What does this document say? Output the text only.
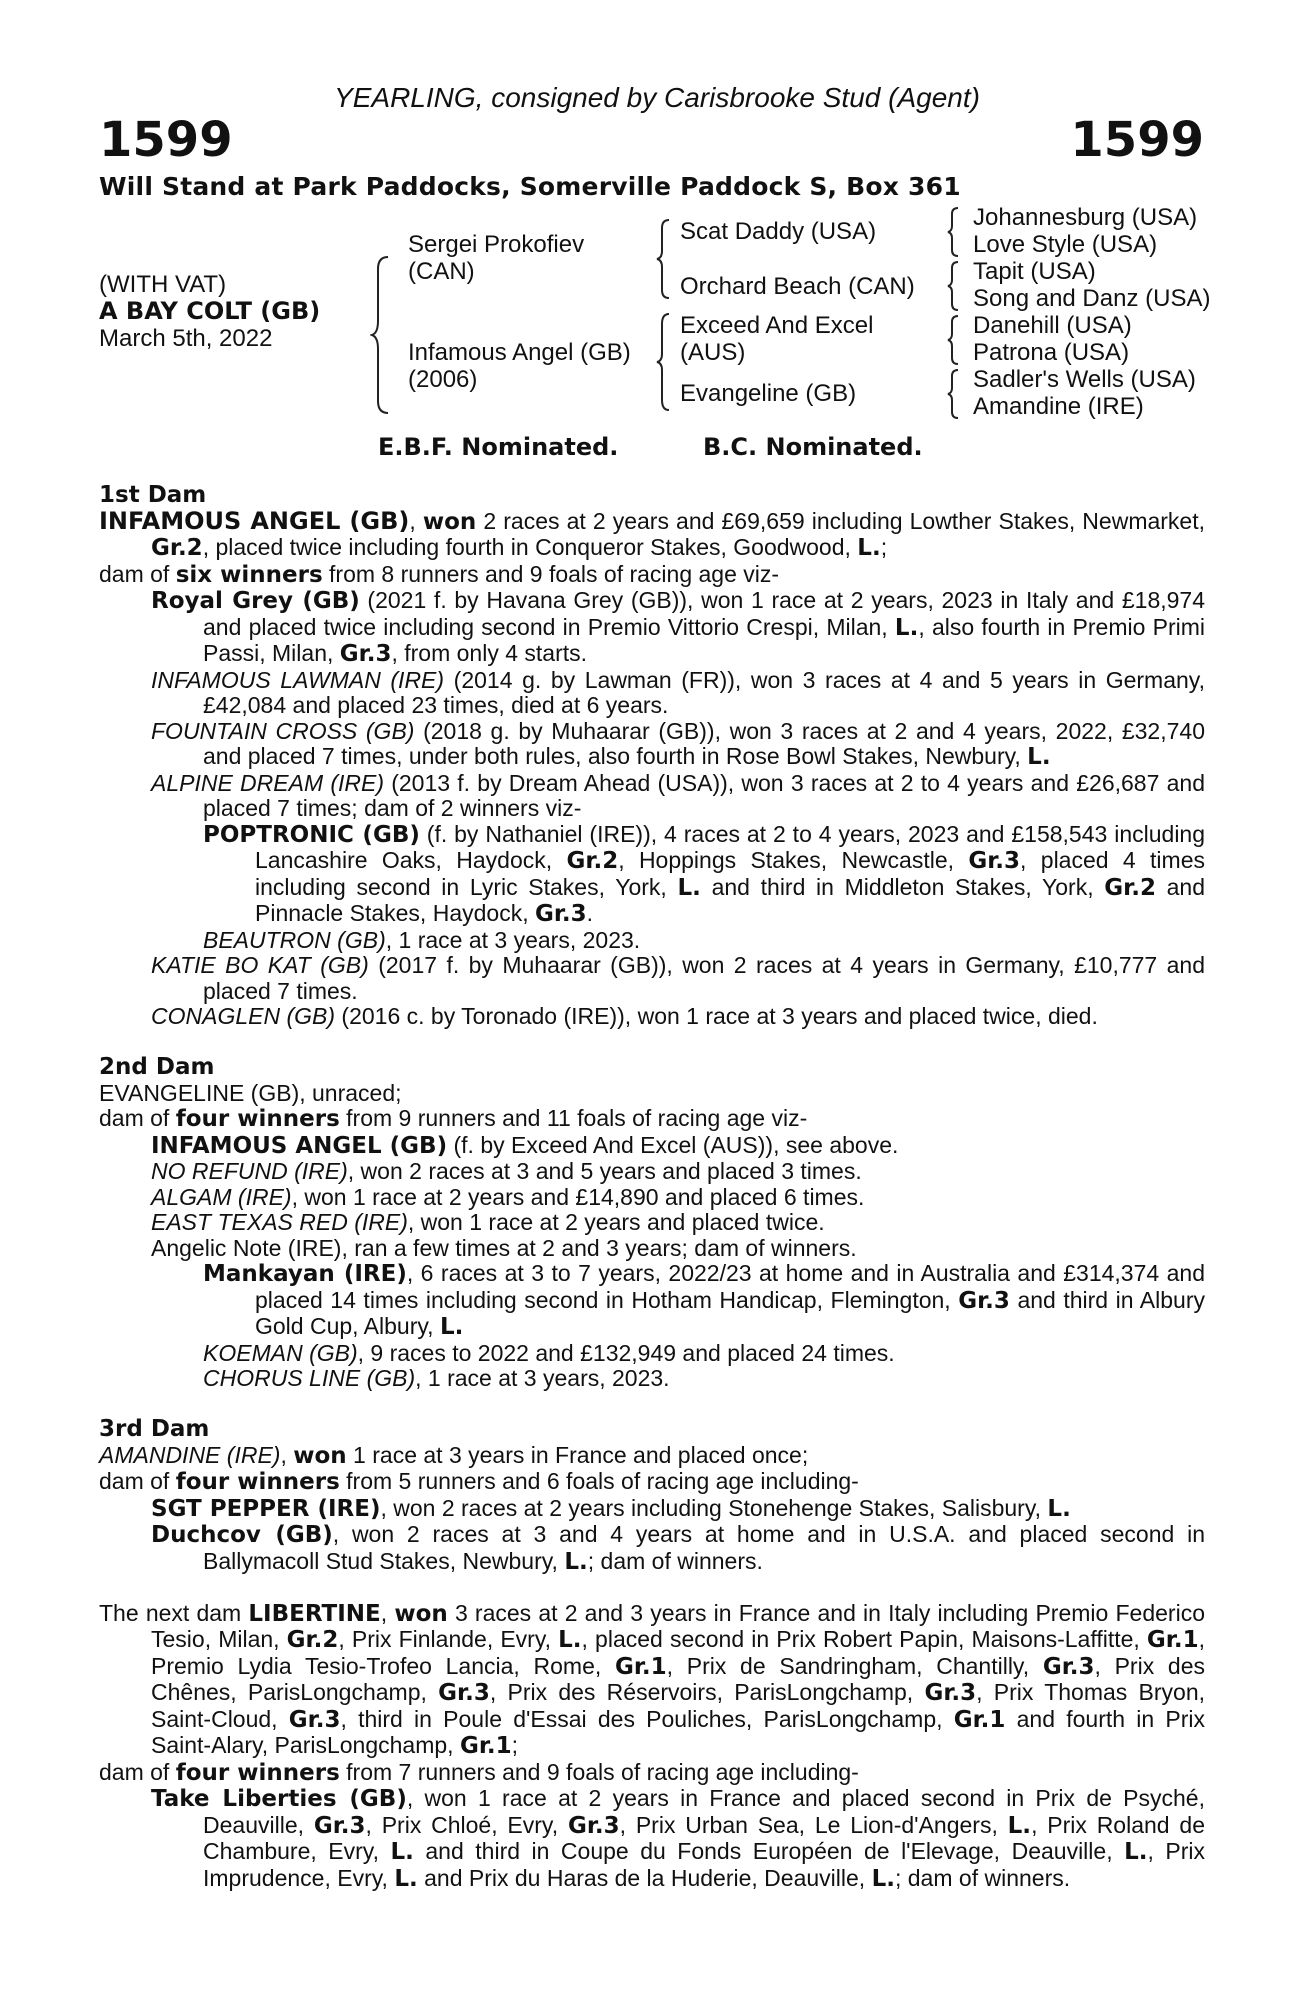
YEARLING, consigned by Carisbrooke Stud (Agent)
1599	1599
Will Stand at Park Paddocks, Somerville Paddock S, Box 361
(WITH VAT)
A BAY COLT (GB)
March 5th, 2022
Sergei Prokofiev (CAN)
Infamous Angel (GB) (2006)
Scat Daddy (USA)
Orchard Beach (CAN)
Exceed And Excel (AUS)
Evangeline (GB)
Johannesburg (USA)
Love Style (USA)
Tapit (USA)
Song and Danz (USA)
Danehill (USA)
Patrona (USA)
Sadler's Wells (USA)
Amandine (IRE)
E.B.F. Nominated.	B.C. Nominated.
1st Dam

INFAMOUS ANGEL (GB), won 2 races at 2 years and £69,659 including Lowther Stakes, Newmarket, Gr.2, placed twice including fourth in Conqueror Stakes, Goodwood, L.;

dam of six winners from 8 runners and 9 foals of racing age viz-

Royal Grey (GB) (2021 f. by Havana Grey (GB)), won 1 race at 2 years, 2023 in Italy and £18,974 and placed twice including second in Premio Vittorio Crespi, Milan, L., also fourth in Premio Primi Passi, Milan, Gr.3, from only 4 starts.

INFAMOUS LAWMAN (IRE) (2014 g. by Lawman (FR)), won 3 races at 4 and 5 years in Germany, £42,084 and placed 23 times, died at 6 years.

FOUNTAIN CROSS (GB) (2018 g. by Muhaarar (GB)), won 3 races at 2 and 4 years, 2022, £32,740 and placed 7 times, under both rules, also fourth in Rose Bowl Stakes, Newbury, L.

ALPINE DREAM (IRE) (2013 f. by Dream Ahead (USA)), won 3 races at 2 to 4 years and £26,687 and placed 7 times; dam of 2 winners viz-

POPTRONIC (GB) (f. by Nathaniel (IRE)), 4 races at 2 to 4 years, 2023 and £158,543 including Lancashire Oaks, Haydock, Gr.2, Hoppings Stakes, Newcastle, Gr.3, placed 4 times including second in Lyric Stakes, York, L. and third in Middleton Stakes, York, Gr.2 and Pinnacle Stakes, Haydock, Gr.3.

BEAUTRON (GB), 1 race at 3 years, 2023.

KATIE BO KAT (GB) (2017 f. by Muhaarar (GB)), won 2 races at 4 years in Germany, £10,777 and placed 7 times.

CONAGLEN (GB) (2016 c. by Toronado (IRE)), won 1 race at 3 years and placed twice, died.

2nd Dam

EVANGELINE (GB), unraced;

dam of four winners from 9 runners and 11 foals of racing age viz-

INFAMOUS ANGEL (GB) (f. by Exceed And Excel (AUS)), see above.

NO REFUND (IRE), won 2 races at 3 and 5 years and placed 3 times.

ALGAM (IRE), won 1 race at 2 years and £14,890 and placed 6 times.

EAST TEXAS RED (IRE), won 1 race at 2 years and placed twice.

Angelic Note (IRE), ran a few times at 2 and 3 years; dam of winners.

Mankayan (IRE), 6 races at 3 to 7 years, 2022/23 at home and in Australia and £314,374 and placed 14 times including second in Hotham Handicap, Flemington, Gr.3 and third in Albury Gold Cup, Albury, L.

KOEMAN (GB), 9 races to 2022 and £132,949 and placed 24 times.

CHORUS LINE (GB), 1 race at 3 years, 2023.

3rd Dam

AMANDINE (IRE), won 1 race at 3 years in France and placed once;

dam of four winners from 5 runners and 6 foals of racing age including-

SGT PEPPER (IRE), won 2 races at 2 years including Stonehenge Stakes, Salisbury, L.

Duchcov (GB), won 2 races at 3 and 4 years at home and in U.S.A. and placed second in Ballymacoll Stud Stakes, Newbury, L.; dam of winners.

The next dam LIBERTINE, won 3 races at 2 and 3 years in France and in Italy including Premio Federico Tesio, Milan, Gr.2, Prix Finlande, Evry, L., placed second in Prix Robert Papin, Maisons-Laffitte, Gr.1, Premio Lydia Tesio-Trofeo Lancia, Rome, Gr.1, Prix de Sandringham, Chantilly, Gr.3, Prix des Chênes, ParisLongchamp, Gr.3, Prix des Réservoirs, ParisLongchamp, Gr.3, Prix Thomas Bryon, Saint-Cloud, Gr.3, third in Poule d'Essai des Pouliches, ParisLongchamp, Gr.1 and fourth in Prix Saint-Alary, ParisLongchamp, Gr.1;

dam of four winners from 7 runners and 9 foals of racing age including-

Take Liberties (GB), won 1 race at 2 years in France and placed second in Prix de Psyché, Deauville, Gr.3, Prix Chloé, Evry, Gr.3, Prix Urban Sea, Le Lion-d'Angers, L., Prix Roland de Chambure, Evry, L. and third in Coupe du Fonds Européen de l'Elevage, Deauville, L., Prix Imprudence, Evry, L. and Prix du Haras de la Huderie, Deauville, L.; dam of winners.
